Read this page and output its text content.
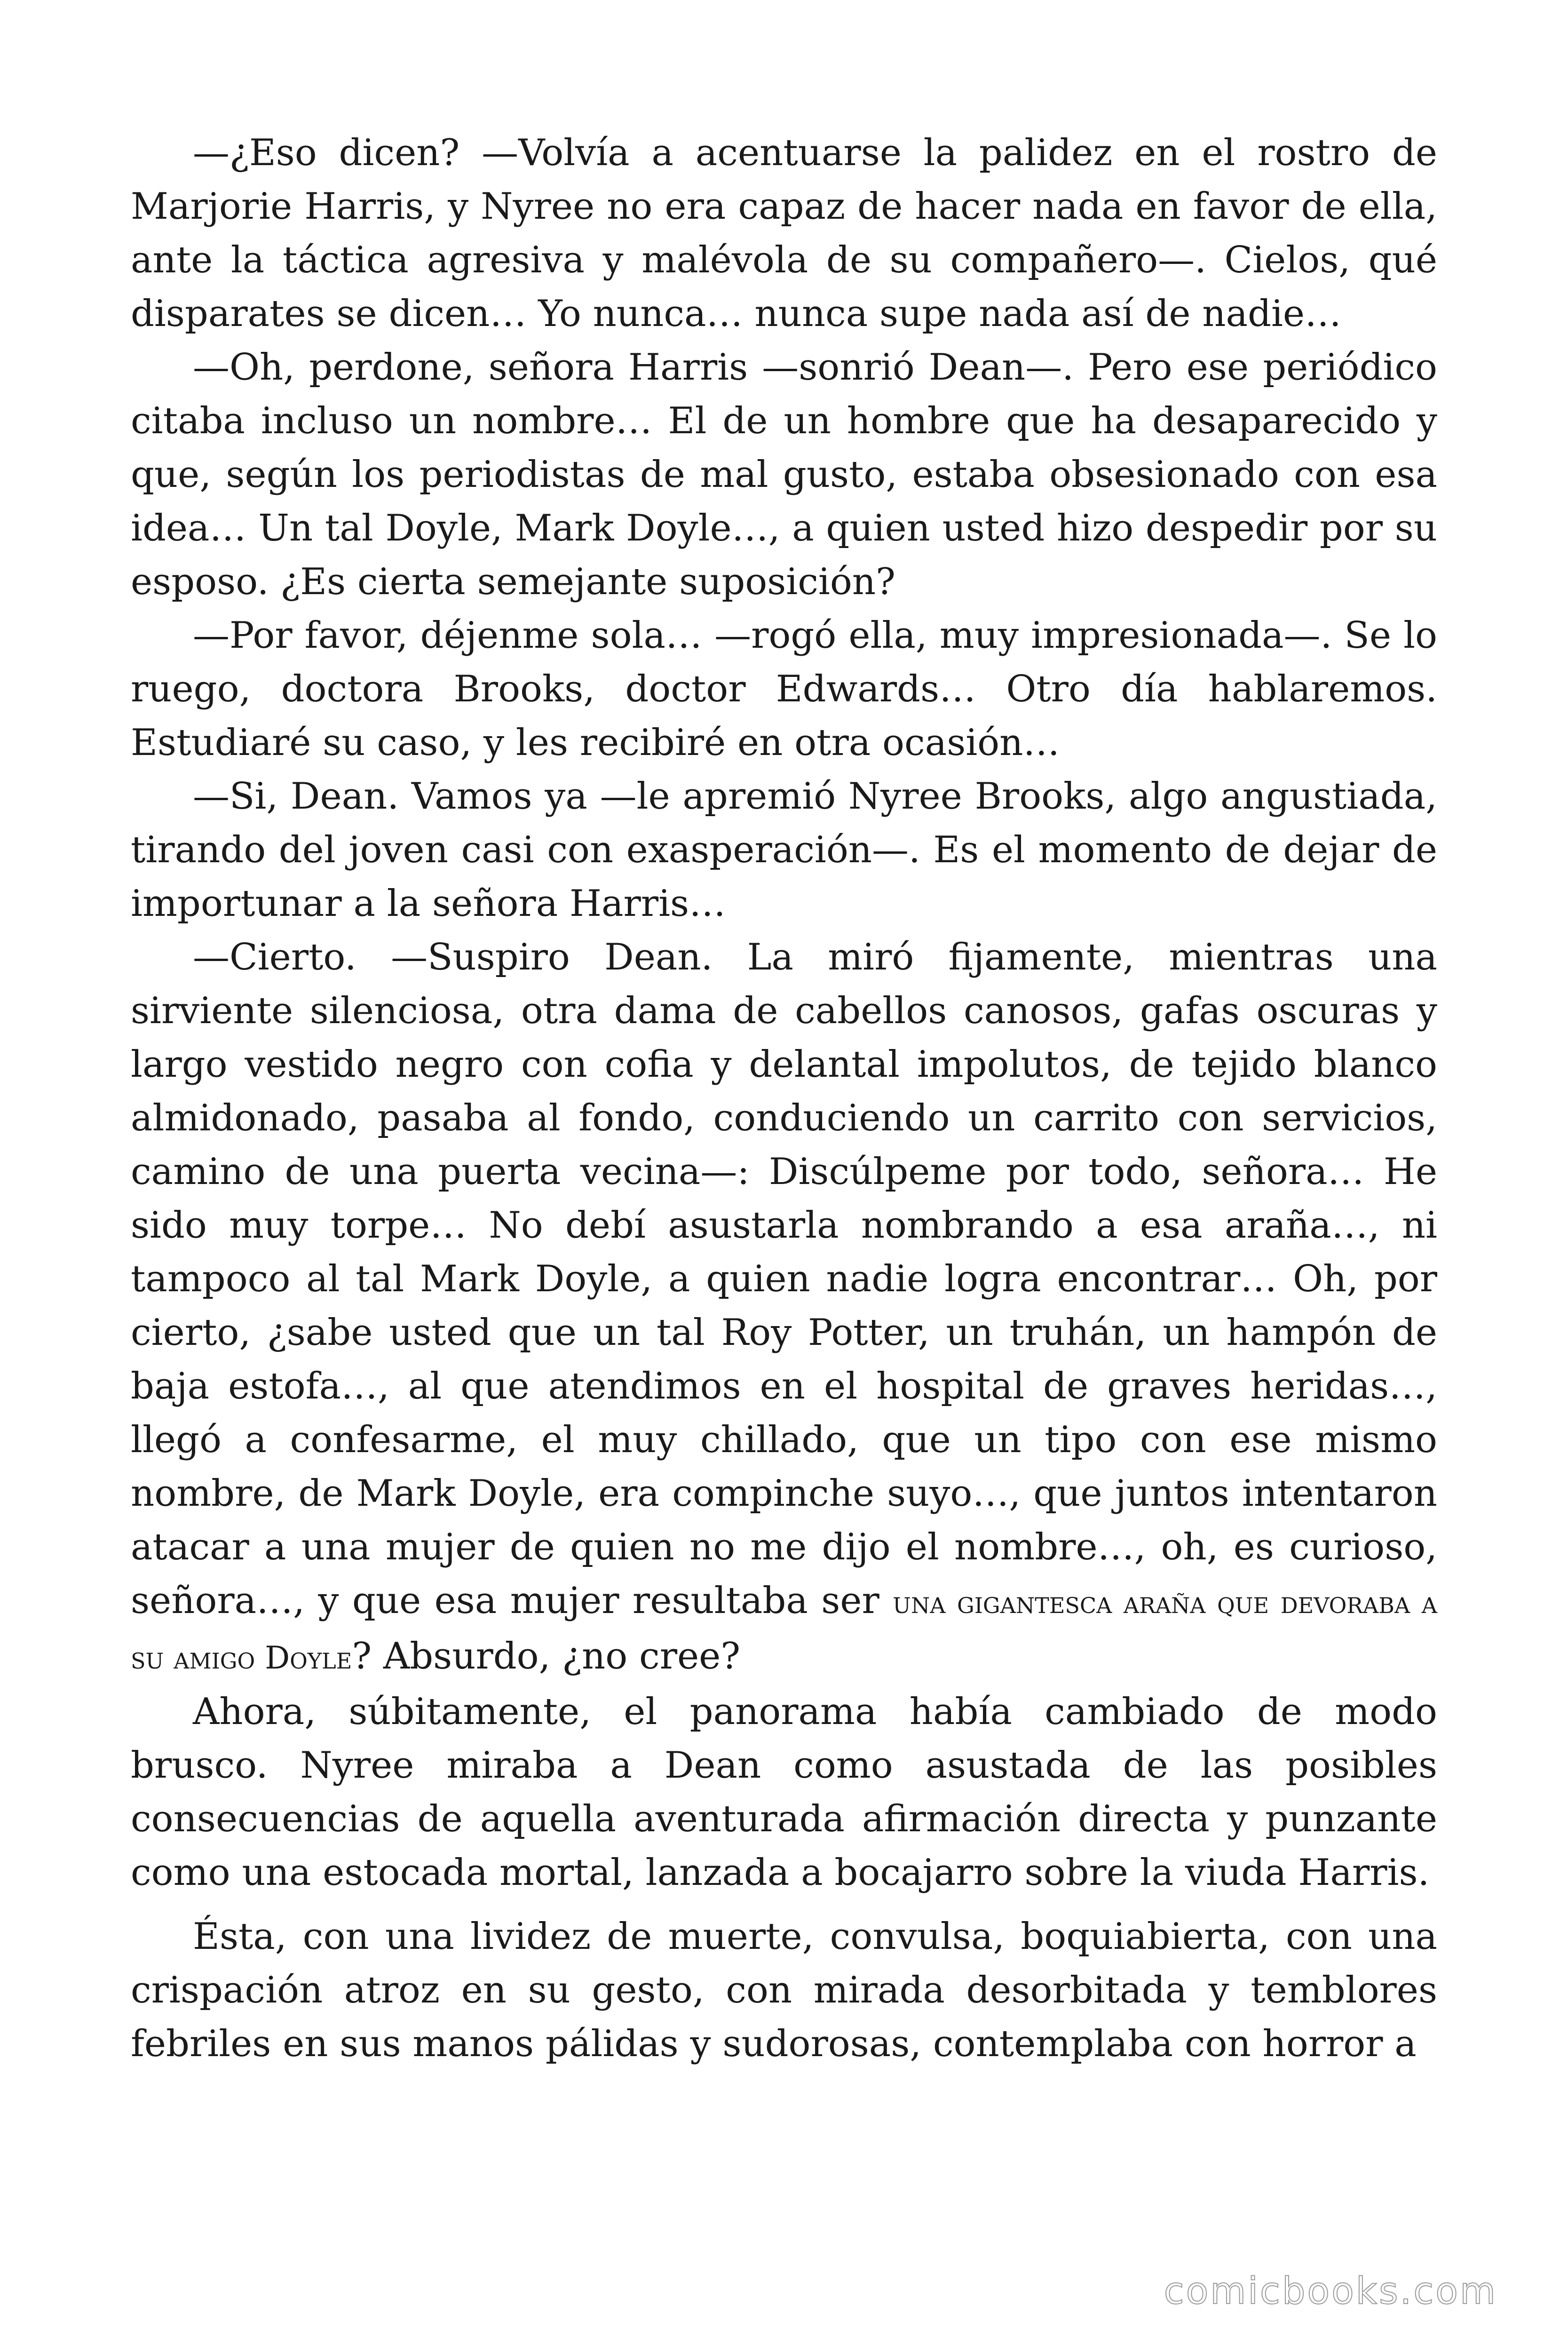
—¿Eso dicen? —Volvía a acentuarse la palidez en el rostro de Marjorie Harris, y Nyree no era capaz de hacer nada en favor de ella, ante la táctica agresiva y malévola de su compañero—. Cielos, qué disparates se dicen… Yo nunca… nunca supe nada así de nadie…

—Oh, perdone, señora Harris —sonrió Dean—. Pero ese periódico citaba incluso un nombre… El de un hombre que ha desaparecido y que, según los periodistas de mal gusto, estaba obsesionado con esa idea… Un tal Doyle, Mark Doyle…, a quien usted hizo despedir por su esposo. ¿Es cierta semejante suposición?

—Por favor, déjenme sola… —rogó ella, muy impresionada—. Se lo ruego, doctora Brooks, doctor Edwards… Otro día hablaremos. Estudiaré su caso, y les recibiré en otra ocasión…

—Si, Dean. Vamos ya —le apremió Nyree Brooks, algo angustiada, tirando del joven casi con exasperación—. Es el momento de dejar de importunar a la señora Harris…

—Cierto. —Suspiro Dean. La miró fijamente, mientras una sirviente silenciosa, otra dama de cabellos canosos, gafas oscuras y largo vestido negro con cofia y delantal impolutos, de tejido blanco almidonado, pasaba al fondo, conduciendo un carrito con servicios, camino de una puerta vecina—: Discúlpeme por todo, señora… He sido muy torpe… No debí asustarla nombrando a esa araña…, ni tampoco al tal Mark Doyle, a quien nadie logra encontrar… Oh, por cierto, ¿sabe usted que un tal Roy Potter, un truhán, un hampón de baja estofa…, al que atendimos en el hospital de graves heridas…, llegó a confesarme, el muy chillado, que un tipo con ese mismo nombre, de Mark Doyle, era compinche suyo…, que juntos intentaron atacar a una mujer de quien no me dijo el nombre…, oh, es curioso, señora…, y que esa mujer resultaba ser una gigantesca araña que devoraba a su amigo Doyle? Absurdo, ¿no cree?

Ahora, súbitamente, el panorama había cambiado de modo brusco. Nyree miraba a Dean como asustada de las posibles consecuencias de aquella aventurada afirmación directa y punzante como una estocada mortal, lanzada a bocajarro sobre la viuda Harris.

Ésta, con una lividez de muerte, convulsa, boquiabierta, con una crispación atroz en su gesto, con mirada desorbitada y temblores febriles en sus manos pálidas y sudorosas, contemplaba con horror a

comicbooks.com
